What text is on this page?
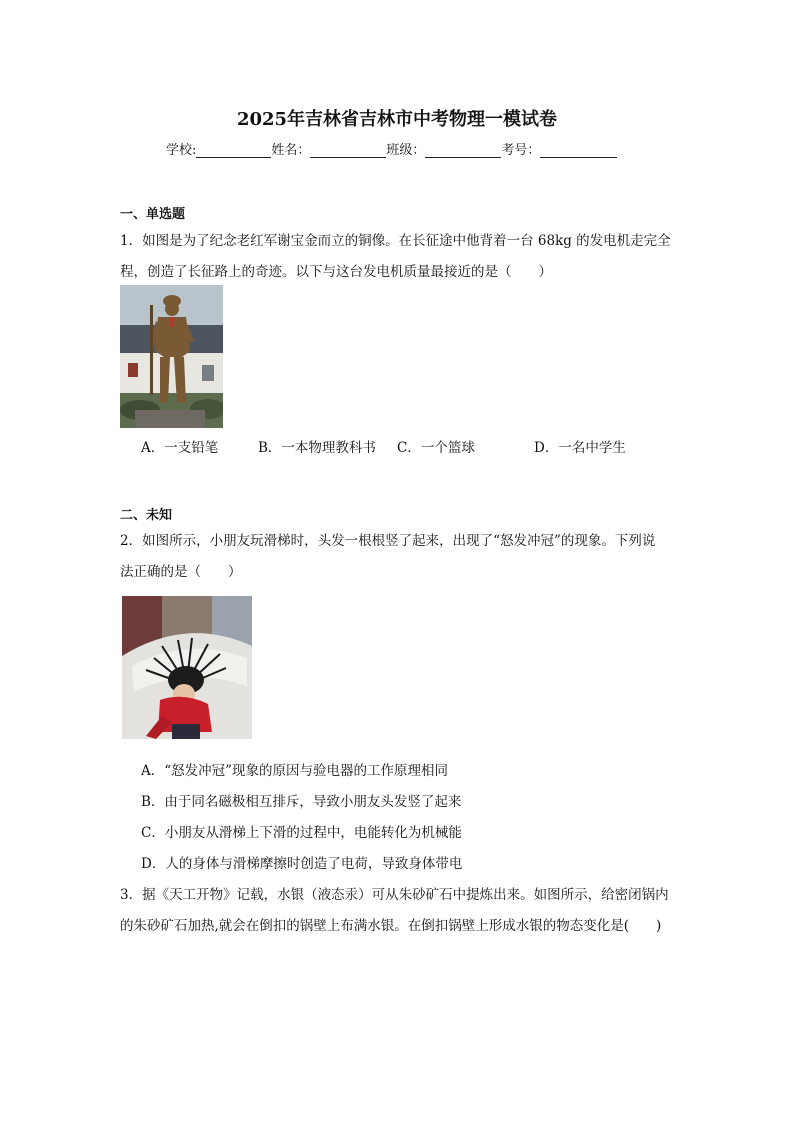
2025年吉林省吉林市中考物理一模试卷
学校:	姓名：	班级：	考号：
一、单选题
1．如图是为了纪念老红军谢宝金而立的铜像。在长征途中他背着一台 68kg 的发电机走完全
程，创造了长征路上的奇迹。以下与这台发电机质量最接近的是（　　）
A．一支铅笔	B．一本物理教科书 C．一个篮球	D．一名中学生
二、未知
2．如图所示，小朋友玩滑梯时，头发一根根竖了起来，出现了“怒发冲冠”的现象。下列说
法正确的是（　　）
A．“怒发冲冠”现象的原因与验电器的工作原理相同
B．由于同名磁极相互排斥，导致小朋友头发竖了起来
C．小朋友从滑梯上下滑的过程中，电能转化为机械能
D．人的身体与滑梯摩擦时创造了电荷，导致身体带电
3．据《天工开物》记载，水银（液态汞）可从朱砂矿石中提炼出来。如图所示，给密闭锅内
的朱砂矿石加热,就会在倒扣的锅壁上布满水银。在倒扣锅壁上形成水银的物态变化是(　　)
